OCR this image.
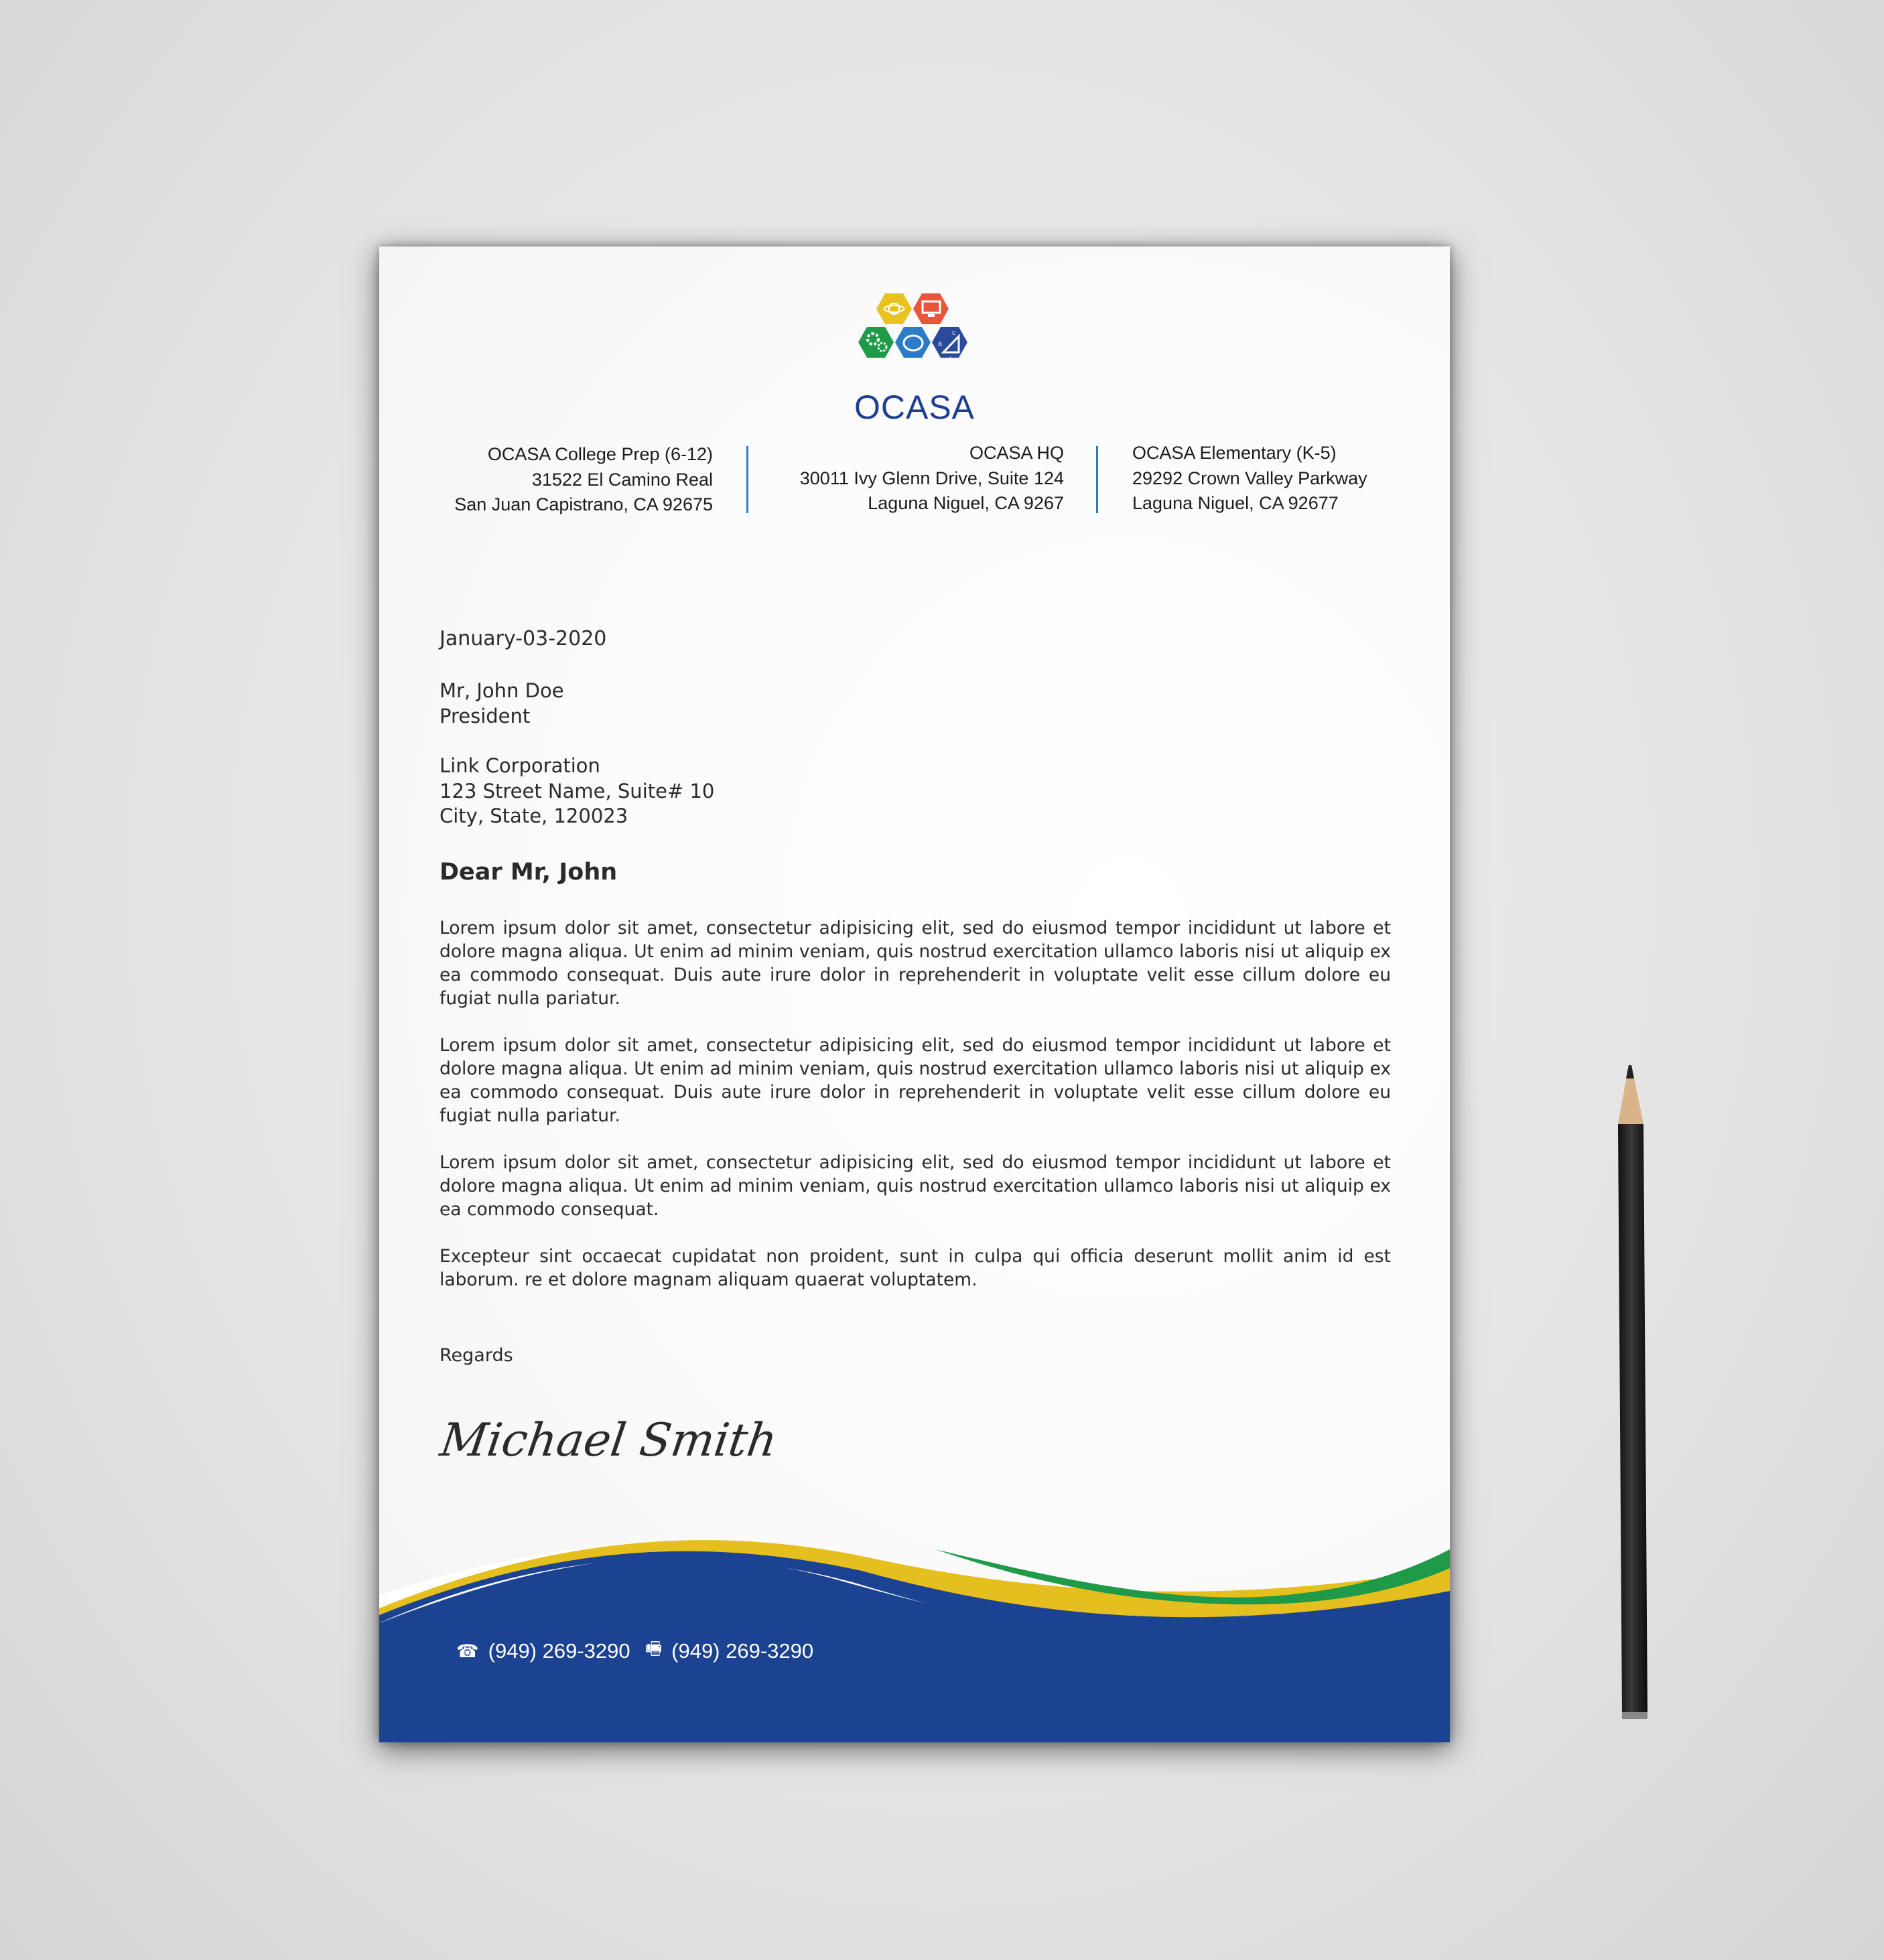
c
a
b
OCASA
OCASA College Prep (6-12)
31522 El Camino Real
San Juan Capistrano, CA 92675
OCASA HQ
30011 Ivy Glenn Drive, Suite 124
Laguna Niguel, CA 9267
OCASA Elementary (K-5)
29292 Crown Valley Parkway
Laguna Niguel, CA 92677
January-03-2020
Mr, John Doe
President
Link Corporation
123 Street Name, Suite# 10
City, State, 120023
Dear Mr, John
Lorem ipsum dolor sit amet, consectetur adipisicing elit, sed do eiusmod tempor incididunt ut labore et dolore magna aliqua. Ut enim ad minim veniam, quis nostrud exercitation ullamco laboris nisi ut aliquip ex ea commodo consequat. Duis aute irure dolor in reprehenderit in voluptate velit esse cillum dolore eu fugiat nulla pariatur.
Lorem ipsum dolor sit amet, consectetur adipisicing elit, sed do eiusmod tempor incididunt ut labore et dolore magna aliqua. Ut enim ad minim veniam, quis nostrud exercitation ullamco laboris nisi ut aliquip ex ea commodo consequat. Duis aute irure dolor in reprehenderit in voluptate velit esse cillum dolore eu fugiat nulla pariatur.
Lorem ipsum dolor sit amet, consectetur adipisicing elit, sed do eiusmod tempor incididunt ut labore et dolore magna aliqua. Ut enim ad minim veniam, quis nostrud exercitation ullamco laboris nisi ut aliquip ex ea commodo consequat.
Excepteur sint occaecat cupidatat non proident, sunt in culpa qui officia deserunt mollit anim id est laborum. re et dolore magnam aliquam quaerat voluptatem.
Regards
Michael Smith
☎ (949) 269-3290 🖷 (949) 269-3290
